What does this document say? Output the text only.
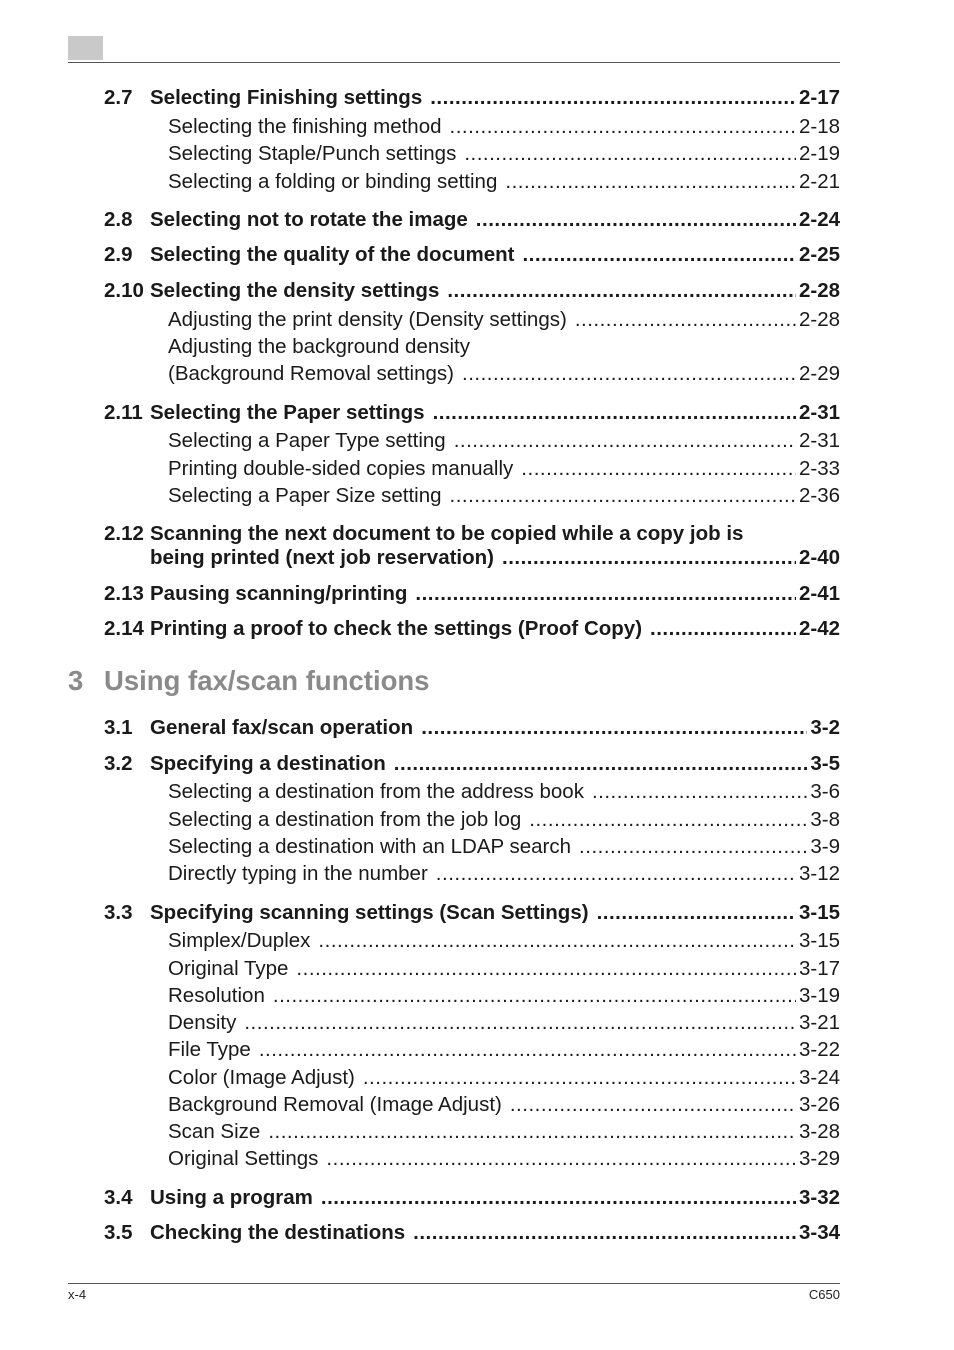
2.7 Selecting Finishing settings .....	2-17
Selecting the finishing method .....	2-18
Selecting Staple/Punch settings .....	2-19
Selecting a folding or binding setting .....	2-21
2.8 Selecting not to rotate the image .....	2-24
2.9 Selecting the quality of the document .....	2-25
2.10 Selecting the density settings .....	2-28
Adjusting the print density (Density settings) .....	2-28
Adjusting the background density
(Background Removal settings) .....	2-29
2.11 Selecting the Paper settings .....	2-31
Selecting a Paper Type setting .....	2-31
Printing double-sided copies manually .....	2-33
Selecting a Paper Size setting .....	2-36
2.12 Scanning the next document to be copied while a copy job is
being printed (next job reservation) .....	2-40
2.13 Pausing scanning/printing .....	2-41
2.14 Printing a proof to check the settings (Proof Copy) .....	2-42
3.1 General fax/scan operation .....	3-2
3.2 Specifying a destination .....	3-5
Selecting a destination from the address book .....	3-6
Selecting a destination from the job log .....	3-8
Selecting a destination with an LDAP search .....	3-9
Directly typing in the number .....	3-12
3.3 Specifying scanning settings (Scan Settings) .....	3-15
Simplex/Duplex .....	3-15
Original Type .....	3-17
Resolution .....	3-19
Density .....	3-21
File Type .....	3-22
Color (Image Adjust) .....	3-24
Background Removal (Image Adjust) .....	3-26
Scan Size .....	3-28
Original Settings .....	3-29
3.4 Using a program .....	3-32
3.5 Checking the destinations .....	3-34
3 Using fax/scan functions
x-4	C650
